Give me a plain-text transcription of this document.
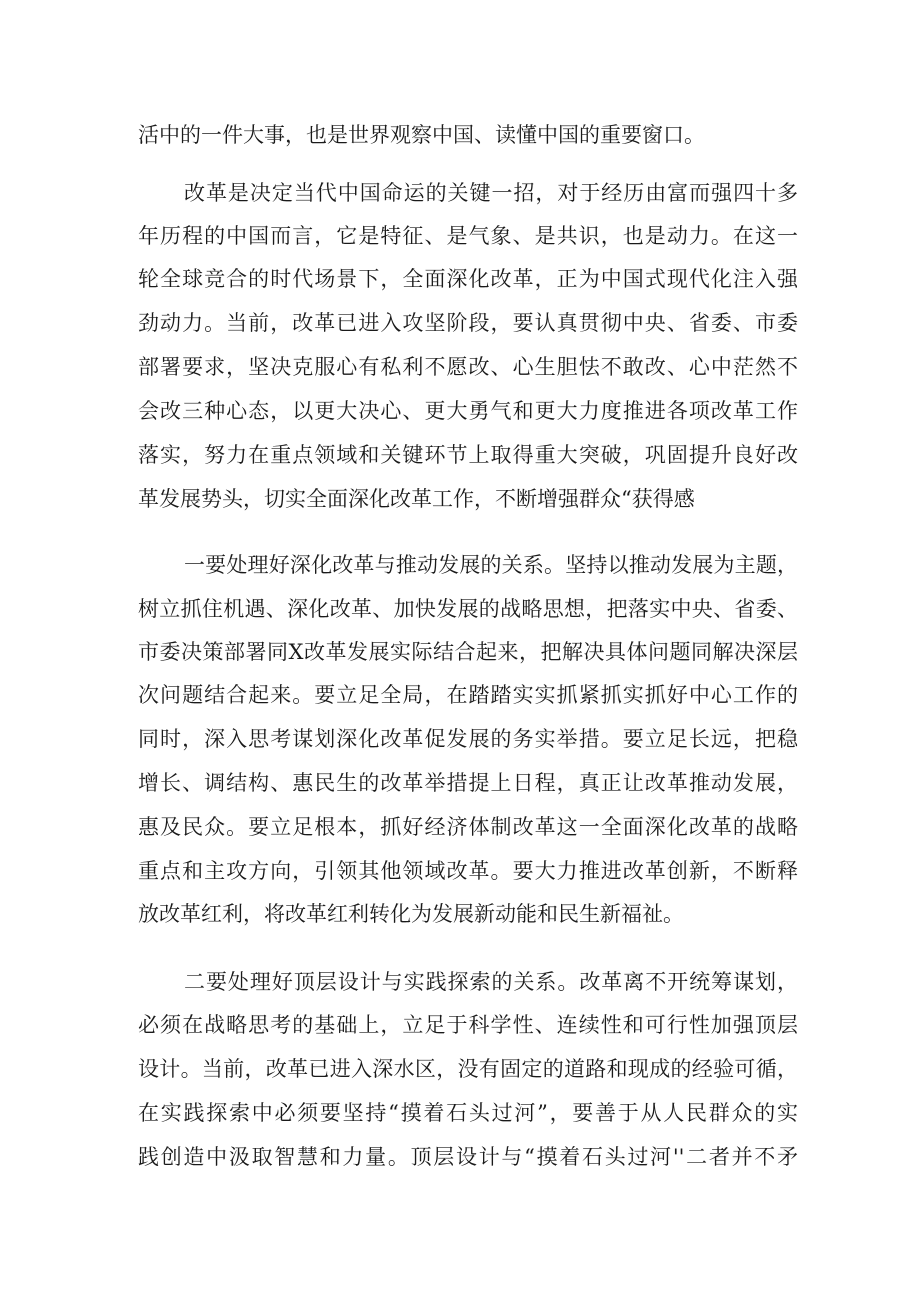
活中的一件大事，也是世界观察中国、读懂中国的重要窗口。
改革是决定当代中国命运的关键一招，对于经历由富而强四十多
年历程的中国而言，它是特征、是气象、是共识，也是动力。在这一
轮全球竞合的时代场景下，全面深化改革，正为中国式现代化注入强
劲动力。当前，改革已进入攻坚阶段，要认真贯彻中央、省委、市委
部署要求，坚决克服心有私利不愿改、心生胆怯不敢改、心中茫然不
会改三种心态，以更大决心、更大勇气和更大力度推进各项改革工作
落实，努力在重点领域和关键环节上取得重大突破，巩固提升良好改
革发展势头，切实全面深化改革工作，不断增强群众“获得感
一要处理好深化改革与推动发展的关系。坚持以推动发展为主题，
树立抓住机遇、深化改革、加快发展的战略思想，把落实中央、省委、
市委决策部署同X改革发展实际结合起来，把解决具体问题同解决深层
次问题结合起来。要立足全局，在踏踏实实抓紧抓实抓好中心工作的
同时，深入思考谋划深化改革促发展的务实举措。要立足长远，把稳
增长、调结构、惠民生的改革举措提上日程，真正让改革推动发展，
惠及民众。要立足根本，抓好经济体制改革这一全面深化改革的战略
重点和主攻方向，引领其他领域改革。要大力推进改革创新，不断释
放改革红利，将改革红利转化为发展新动能和民生新福祉。
二要处理好顶层设计与实践探索的关系。改革离不开统筹谋划，
必须在战略思考的基础上，立足于科学性、连续性和可行性加强顶层
设计。当前，改革已进入深水区，没有固定的道路和现成的经验可循，
在实践探索中必须要坚持“摸着石头过河”，要善于从人民群众的实
践创造中汲取智慧和力量。顶层设计与“摸着石头过河''二者并不矛
